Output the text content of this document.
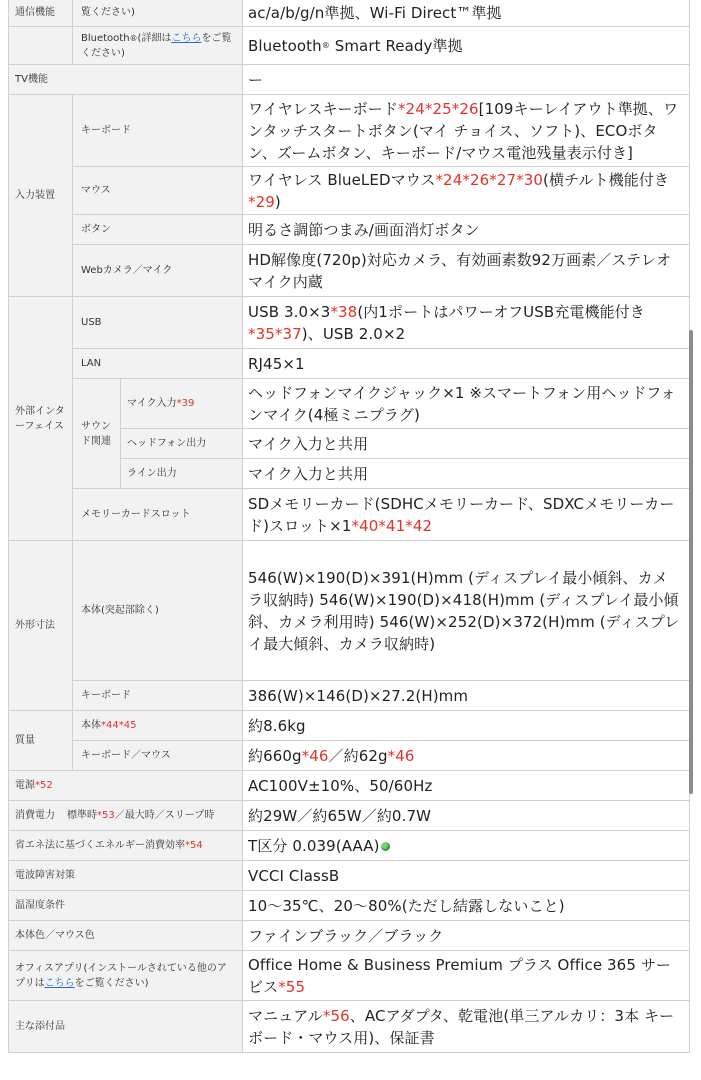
通信機能	覧ください)		ac/a/b/g/n準拠、Wi-Fi Direct™準拠
	Bluetooth®(詳細はこちらをご覧ください)		Bluetooth® Smart Ready準拠
TV機能			ー
入力装置	キーボード		ワイヤレスキーボード*24*25*26[109キーレイアウト準拠、ワンタッチスタートボタン(マイ チョイス、ソフト)、ECOボタン、ズームボタン、キーボード/マウス電池残量表示付き]
	マウス		ワイヤレス BlueLEDマウス*24*26*27*30(横チルト機能付き*29)
	ボタン		明るさ調節つまみ/画面消灯ボタン
	Webカメラ／マイク		HD解像度(720p)対応カメラ、有効画素数92万画素／ステレオマイク内蔵
外部インターフェイス	USB		USB 3.0×3*38(内1ポートはパワーオフUSB充電機能付き*35*37)、USB 2.0×2
	LAN		RJ45×1
	サウンド関連	マイク入力*39	ヘッドフォンマイクジャック×1 ※スマートフォン用ヘッドフォンマイク(4極ミニプラグ)
		ヘッドフォン出力	マイク入力と共用
		ライン出力	マイク入力と共用
	メモリーカードスロット		SDメモリーカード(SDHCメモリーカード、SDXCメモリーカード)スロット×1*40*41*42
外形寸法	本体(突起部除く)		546(W)×190(D)×391(H)mm (ディスプレイ最小傾斜、カメラ収納時) 546(W)×190(D)×418(H)mm (ディスプレイ最小傾斜、カメラ利用時) 546(W)×252(D)×372(H)mm (ディスプレイ最大傾斜、カメラ収納時)
	キーボード		386(W)×146(D)×27.2(H)mm
質量	本体*44*45		約8.6kg
	キーボード／マウス		約660g*46／約62g*46
電源*52			AC100V±10%、50/60Hz
消費電力 標準時*53／最大時／スリープ時			約29W／約65W／約0.7W
省エネ法に基づくエネルギー消費効率*54			T区分 0.039(AAA)
電波障害対策			VCCI ClassB
温湿度条件			10〜35℃、20〜80%(ただし結露しないこと)
本体色／マウス色			ファインブラック／ブラック
オフィスアプリ(インストールされている他のアプリはこちらをご覧ください)			Office Home & Business Premium プラス Office 365 サービス*55
主な添付品			マニュアル*56、ACアダプタ、乾電池(単三アルカリ：3本 キーボード・マウス用)、保証書
